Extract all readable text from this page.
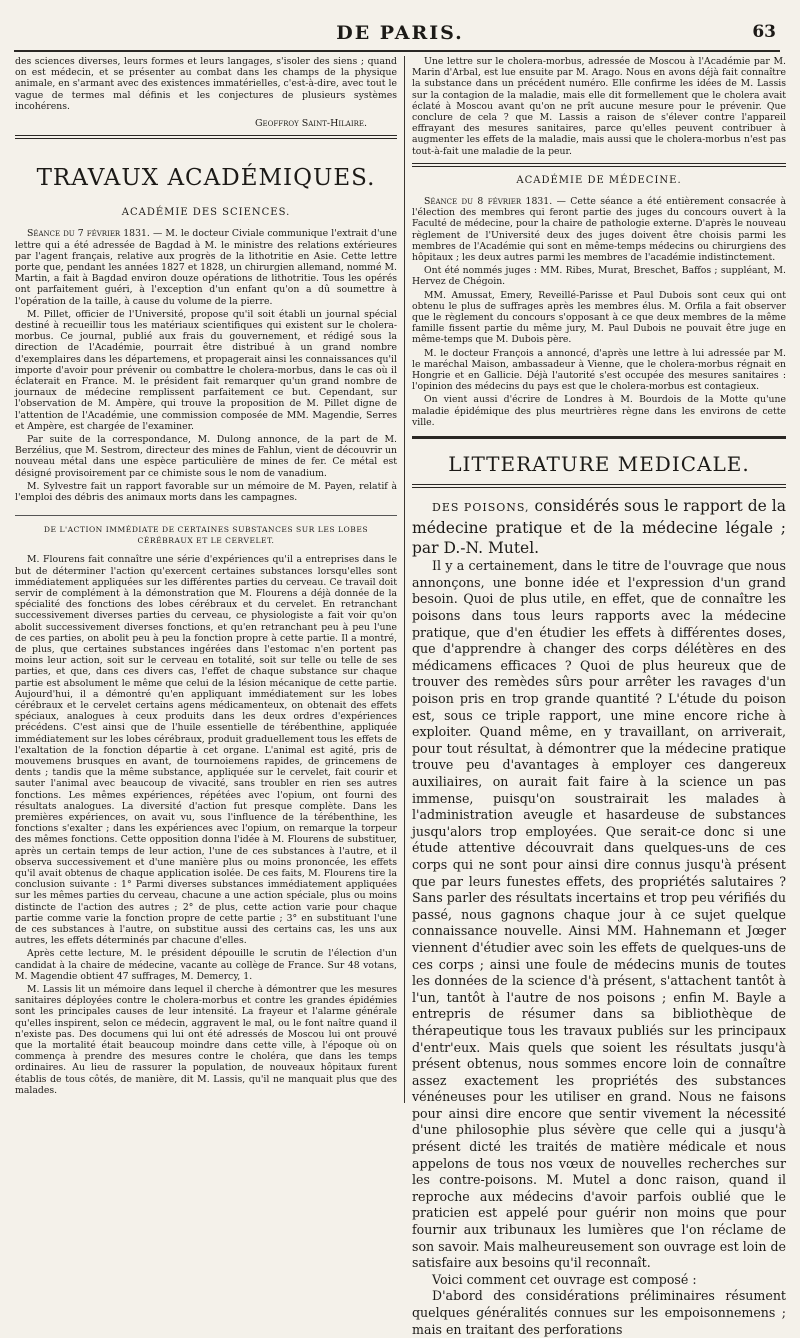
DE PARIS.	63

des sciences diverses, leurs formes et leurs langages, s'isoler des siens ; quand on est médecin, et se présenter au combat dans les champs de la physique animale, en s'armant avec des existences immatérielles, c'est-à-dire, avec tout le vague de termes mal définis et les conjectures de plusieurs systèmes incohérens.

Geoffroy Saint-Hilaire.
TRAVAUX ACADÉMIQUES.
ACADÉMIE DES SCIENCES.

Séance du 7 février 1831. — M. le docteur Civiale communique l'extrait d'une lettre qui a été adressée de Bagdad à M. le ministre des relations extérieures par l'agent français, relative aux progrès de la lithotritie en Asie. Cette lettre porte que, pendant les années 1827 et 1828, un chirurgien allemand, nommé M. Martin, a fait à Bagdad environ douze opérations de lithotritie. Tous les opérés ont parfaitement guéri, à l'exception d'un enfant qu'on a dû soumettre à l'opération de la taille, à cause du volume de la pierre.

M. Pillet, officier de l'Université, propose qu'il soit établi un journal spécial destiné à recueillir tous les matériaux scientifiques qui existent sur le cholera-morbus. Ce journal, publié aux frais du gouvernement, et rédigé sous la direction de l'Académie, pourrait être distribué à un grand nombre d'exemplaires dans les départemens, et propagerait ainsi les connaissances qu'il importe d'avoir pour prévenir ou combattre le cholera-morbus, dans le cas où il éclaterait en France. M. le président fait remarquer qu'un grand nombre de journaux de médecine remplissent parfaitement ce but. Cependant, sur l'observation de M. Ampère, qui trouve la proposition de M. Pillet digne de l'attention de l'Académie, une commission composée de MM. Magendie, Serres et Ampère, est chargée de l'examiner.

Par suite de la correspondance, M. Dulong annonce, de la part de M. Berzélius, que M. Sestrom, directeur des mines de Fahlun, vient de découvrir un nouveau métal dans une espèce particulière de mines de fer. Ce métal est désigné provisoirement par ce chimiste sous le nom de vanadium.

M. Sylvestre fait un rapport favorable sur un mémoire de M. Payen, relatif à l'emploi des débris des animaux morts dans les campagnes.

DE L'ACTION IMMÉDIATE DE CERTAINES SUBSTANCES SUR LES LOBES CÉRÉBRAUX ET LE CERVELET.

M. Flourens fait connaître une série d'expériences qu'il a entreprises dans le but de déterminer l'action qu'exercent certaines substances lorsqu'elles sont immédiatement appliquées sur les différentes parties du cerveau. Ce travail doit servir de complément à la démonstration que M. Flourens a déjà donnée de la spécialité des fonctions des lobes cérébraux et du cervelet. En retranchant successivement diverses parties du cerveau, ce physiologiste a fait voir qu'on abolit successivement diverses fonctions, et qu'en retranchant peu à peu l'une de ces parties, on abolit peu à peu la fonction propre à cette partie. Il a montré, de plus, que certaines substances ingérées dans l'estomac n'en portent pas moins leur action, soit sur le cerveau en totalité, soit sur telle ou telle de ses parties, et que, dans ces divers cas, l'effet de chaque substance sur chaque partie est absolument le même que celui de la lésion mécanique de cette partie. Aujourd'hui, il a démontré qu'en appliquant immédiatement sur les lobes cérébraux et le cervelet certains agens médicamenteux, on obtenait des effets spéciaux, analogues à ceux produits dans les deux ordres d'expériences précédens. C'est ainsi que de l'huile essentielle de térébenthine, appliquée immédiatement sur les lobes cérébraux, produit graduellement tous les effets de l'exaltation de la fonction départie à cet organe. L'animal est agité, pris de mouvemens brusques en avant, de tournoiemens rapides, de grincemens de dents ; tandis que la même substance, appliquée sur le cervelet, fait courir et sauter l'animal avec beaucoup de vivacité, sans troubler en rien ses autres fonctions. Les mêmes expériences, répétées avec l'opium, ont fourni des résultats analogues. La diversité d'action fut presque complète. Dans les premières expériences, on avait vu, sous l'influence de la térébenthine, les fonctions s'exalter ; dans les expériences avec l'opium, on remarque la torpeur des mêmes fonctions. Cette opposition donna l'idée à M. Flourens de substituer, après un certain temps de leur action, l'une de ces substances à l'autre, et il observa successivement et d'une manière plus ou moins prononcée, les effets qu'il avait obtenus de chaque application isolée. De ces faits, M. Flourens tire la conclusion suivante : 1° Parmi diverses substances immédiatement appliquées sur les mêmes parties du cerveau, chacune a une action spéciale, plus ou moins distincte de l'action des autres ; 2° de plus, cette action varie pour chaque partie comme varie la fonction propre de cette partie ; 3° en substituant l'une de ces substances à l'autre, on substitue aussi des certains cas, les uns aux autres, les effets déterminés par chacune d'elles.

Après cette lecture, M. le président dépouille le scrutin de l'élection d'un candidat à la chaire de médecine, vacante au collège de France. Sur 48 votans, M. Magendie obtient 47 suffrages, M. Demercy, 1.

M. Lassis lit un mémoire dans lequel il cherche à démontrer que les mesures sanitaires déployées contre le cholera-morbus et contre les grandes épidémies sont les principales causes de leur intensité. La frayeur et l'alarme générale qu'elles inspirent, selon ce médecin, aggravent le mal, ou le font naître quand il n'existe pas. Des documens qui lui ont été adressés de Moscou lui ont prouvé que la mortalité était beaucoup moindre dans cette ville, à l'époque où on commença à prendre des mesures contre le choléra, que dans les temps ordinaires. Au lieu de rassurer la population, de nouveaux hôpitaux furent établis de tous côtés, de manière, dit M. Lassis, qu'il ne manquait plus que des malades.

Une lettre sur le cholera-morbus, adressée de Moscou à l'Académie par M. Marin d'Arbal, est lue ensuite par M. Arago. Nous en avons déjà fait connaître la substance dans un précédent numéro. Elle confirme les idées de M. Lassis sur la contagion de la maladie, mais elle dit formellement que le cholera avait éclaté à Moscou avant qu'on ne prît aucune mesure pour le prévenir. Que conclure de cela ? que M. Lassis a raison de s'élever contre l'appareil effrayant des mesures sanitaires, parce qu'elles peuvent contribuer à augmenter les effets de la maladie, mais aussi que le cholera-morbus n'est pas tout-à-fait une maladie de la peur.

ACADÉMIE DE MÉDECINE.

Séance du 8 février 1831. — Cette séance a été entièrement consacrée à l'élection des membres qui feront partie des juges du concours ouvert à la Faculté de médecine, pour la chaire de pathologie externe. D'après le nouveau règlement de l'Université deux des juges doivent être choisis parmi les membres de l'Académie qui sont en même-temps médecins ou chirurgiens des hôpitaux ; les deux autres parmi les membres de l'académie indistinctement.

Ont été nommés juges : MM. Ribes, Murat, Breschet, Baffos ; suppléant, M. Hervez de Chégoin.

MM. Amussat, Emery, Reveillé-Parisse et Paul Dubois sont ceux qui ont obtenu le plus de suffrages après les membres élus. M. Orfila a fait observer que le règlement du concours s'opposant à ce que deux membres de la même famille fissent partie du même jury, M. Paul Dubois ne pouvait être juge en même-temps que M. Dubois père.

M. le docteur François a annoncé, d'après une lettre à lui adressée par M. le maréchal Maison, ambassadeur à Vienne, que le cholera-morbus régnait en Hongrie et en Gallicie. Déjà l'autorité s'est occupée des mesures sanitaires : l'opinion des médecins du pays est que le cholera-morbus est contagieux.

On vient aussi d'écrire de Londres à M. Bourdois de la Motte qu'une maladie épidémique des plus meurtrières règne dans les environs de cette ville.

LITTERATURE MEDICALE.

DES POISONS, considérés sous le rapport de la médecine pratique et de la médecine légale ; par D.-N. Mutel.

Il y a certainement, dans le titre de l'ouvrage que nous annonçons, une bonne idée et l'expression d'un grand besoin. Quoi de plus utile, en effet, que de connaître les poisons dans tous leurs rapports avec la médecine pratique, que d'en étudier les effets à différentes doses, que d'apprendre à changer des corps délétères en des médicamens efficaces ? Quoi de plus heureux que de trouver des remèdes sûrs pour arrêter les ravages d'un poison pris en trop grande quantité ? L'étude du poison est, sous ce triple rapport, une mine encore riche à exploiter. Quand même, en y travaillant, on arriverait, pour tout résultat, à démontrer que la médecine pratique trouve peu d'avantages à employer ces dangereux auxiliaires, on aurait fait faire à la science un pas immense, puisqu'on soustrairait les malades à l'administration aveugle et hasardeuse de substances jusqu'alors trop employées. Que serait-ce donc si une étude attentive découvrait dans quelques-uns de ces corps qui ne sont pour ainsi dire connus jusqu'à présent que par leurs funestes effets, des propriétés salutaires ? Sans parler des résultats incertains et trop peu vérifiés du passé, nous gagnons chaque jour à ce sujet quelque connaissance nouvelle. Ainsi MM. Hahnemann et Jœger viennent d'étudier avec soin les effets de quelques-uns de ces corps ; ainsi une foule de médecins munis de toutes les données de la science d'à présent, s'attachent tantôt à l'un, tantôt à l'autre de nos poisons ; enfin M. Bayle a entrepris de résumer dans sa bibliothèque de thérapeutique tous les travaux publiés sur les principaux d'entr'eux. Mais quels que soient les résultats jusqu'à présent obtenus, nous sommes encore loin de connaître assez exactement les propriétés des substances vénéneuses pour les utiliser en grand. Nous ne faisons pour ainsi dire encore que sentir vivement la nécessité d'une philosophie plus sévère que celle qui a jusqu'à présent dicté les traités de matière médicale et nous appelons de tous nos vœux de nouvelles recherches sur les contre-poisons. M. Mutel a donc raison, quand il reproche aux médecins d'avoir parfois oublié que le praticien est appelé pour guérir non moins que pour fournir aux tribunaux les lumières que l'on réclame de son savoir. Mais malheureusement son ouvrage est loin de satisfaire aux besoins qu'il reconnaît.

Voici comment cet ouvrage est composé :

D'abord des considérations préliminaires résument quelques généralités connues sur les empoisonnemens ; mais en traitant des perforations
